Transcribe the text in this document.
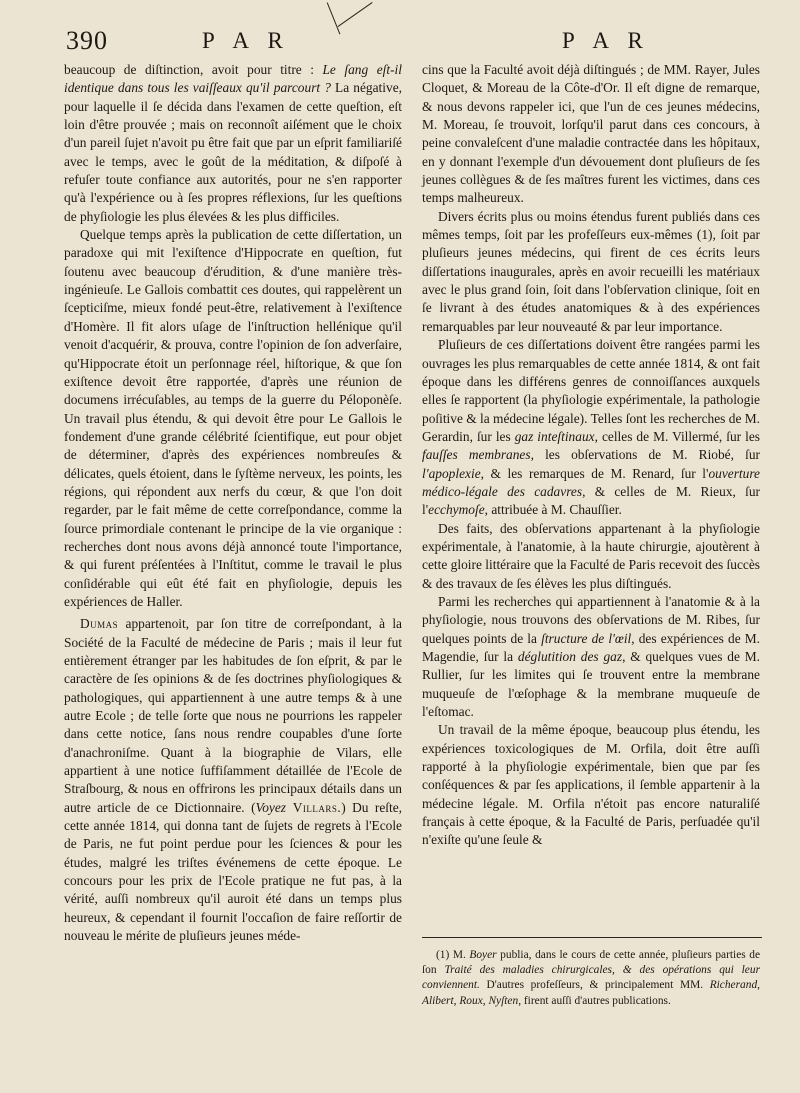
390	P A R	P A R

beaucoup de diſtinction, avoit pour titre : Le ſang eſt-il identique dans tous les vaiſſeaux qu'il parcourt ? La négative, pour laquelle il ſe décida dans l'examen de cette queſtion, eſt loin d'être prouvée ; mais on reconnoît aiſément que le choix d'un pareil ſujet n'avoit pu être fait que par un eſprit familiariſé avec le temps, avec le goût de la méditation, & diſpoſé à refuſer toute confiance aux autorités, pour ne s'en rapporter qu'à l'expérience ou à ſes propres réflexions, ſur les queſtions de phyſiologie les plus élevées & les plus difficiles.

Quelque temps après la publication de cette diſſertation, un paradoxe qui mit l'exiſtence d'Hippocrate en queſtion, fut ſoutenu avec beaucoup d'érudition, & d'une manière très-ingénieuſe. Le Gallois combattit ces doutes, qui rappelèrent un ſcepticiſme, mieux fondé peut-être, relativement à l'exiſtence d'Homère. Il fit alors uſage de l'inſtruction hellénique qu'il venoit d'acquérir, & prouva, contre l'opinion de ſon adverſaire, qu'Hippocrate étoit un perſonnage réel, hiſtorique, & que ſon exiſtence devoit être rapportée, d'après une réunion de documens irrécuſables, au temps de la guerre du Péloponèſe. Un travail plus étendu, & qui devoit être pour Le Gallois le fondement d'une grande célébrité ſcientifique, eut pour objet de déterminer, d'après des expériences nombreuſes & délicates, quels étoient, dans le ſyſtème nerveux, les points, les régions, qui répondent aux nerfs du cœur, & que l'on doit regarder, par le fait même de cette correſpondance, comme la ſource primordiale contenant le principe de la vie organique : recherches dont nous avons déjà annoncé toute l'importance, & qui furent préſentées à l'Inſtitut, comme le travail le plus conſidérable qui eût été fait en phyſiologie, depuis les expériences de Haller.

Dumas appartenoit, par ſon titre de correſpondant, à la Société de la Faculté de médecine de Paris ; mais il leur fut entièrement étranger par les habitudes de ſon eſprit, & par le caractère de ſes opinions & de ſes doctrines phyſiologiques & pathologiques, qui appartiennent à une autre temps & à une autre Ecole ; de telle ſorte que nous ne pourrions les rappeler dans cette notice, ſans nous rendre coupables d'une ſorte d'anachroniſme. Quant à la biographie de Vilars, elle appartient à une notice ſuffiſamment détaillée de l'Ecole de Straſbourg, & nous en offrirons les principaux détails dans un autre article de ce Dictionnaire. (Voyez Villars.) Du reſte, cette année 1814, qui donna tant de ſujets de regrets à l'Ecole de Paris, ne fut point perdue pour les ſciences & pour les études, malgré les triſtes événemens de cette époque. Le concours pour les prix de l'Ecole pratique ne fut pas, à la vérité, auſſi nombreux qu'il auroit été dans un temps plus heureux, & cependant il fournit l'occaſion de faire reſſortir de nouveau le mérite de pluſieurs jeunes méde-

cins que la Faculté avoit déjà diſtingués ; de MM. Rayer, Jules Cloquet, & Moreau de la Côte-d'Or. Il eſt digne de remarque, & nous devons rappeler ici, que l'un de ces jeunes médecins, M. Moreau, ſe trouvoit, lorſqu'il parut dans ces concours, à peine convaleſcent d'une maladie contractée dans les hôpitaux, en y donnant l'exemple d'un dévouement dont pluſieurs de ſes jeunes collègues & de ſes maîtres furent les victimes, dans ces temps malheureux.

Divers écrits plus ou moins étendus furent publiés dans ces mêmes temps, ſoit par les profeſſeurs eux-mêmes (1), ſoit par pluſieurs jeunes médecins, qui firent de ces écrits leurs diſſertations inaugurales, après en avoir recueilli les matériaux avec le plus grand ſoin, ſoit dans l'obſervation clinique, ſoit en ſe livrant à des études anatomiques & à des expériences remarquables par leur nouveauté & par leur importance.

Pluſieurs de ces diſſertations doivent être rangées parmi les ouvrages les plus remarquables de cette année 1814, & ont fait époque dans les différens genres de connoiſſances auxquels elles ſe rapportent (la phyſiologie expérimentale, la pathologie poſitive & la médecine légale). Telles ſont les recherches de M. Gerardin, ſur les gaz inteſtinaux, celles de M. Villermé, ſur les fauſſes membranes, les obſervations de M. Riobé, ſur l'apoplexie, & les remarques de M. Renard, ſur l'ouverture médico-légale des cadavres, & celles de M. Rieux, ſur l'ecchymoſe, attribuée à M. Chauſſier.

Des faits, des obſervations appartenant à la phyſiologie expérimentale, à l'anatomie, à la haute chirurgie, ajoutèrent à cette gloire littéraire que la Faculté de Paris recevoit des ſuccès & des travaux de ſes élèves les plus diſtingués.

Parmi les recherches qui appartiennent à l'anatomie & à la phyſiologie, nous trouvons des obſervations de M. Ribes, ſur quelques points de la ſtructure de l'œil, des expériences de M. Magendie, ſur la déglutition des gaz, & quelques vues de M. Rullier, ſur les limites qui ſe trouvent entre la membrane muqueuſe de l'œſophage & la membrane muqueuſe de l'eſtomac.

Un travail de la même époque, beaucoup plus étendu, les expériences toxicologiques de M. Orfila, doit être auſſi rapporté à la phyſiologie expérimentale, bien que par ſes conſéquences & par ſes applications, il ſemble appartenir à la médecine légale. M. Orfila n'étoit pas encore naturaliſé français à cette époque, & la Faculté de Paris, perſuadée qu'il n'exiſte qu'une ſeule &

(1) M. Boyer publia, dans le cours de cette année, pluſieurs parties de ſon Traité des maladies chirurgicales, & des opérations qui leur conviennent. D'autres profeſſeurs, & principalement MM. Richerand, Alibert, Roux, Nyſten, firent auſſi d'autres publications.
